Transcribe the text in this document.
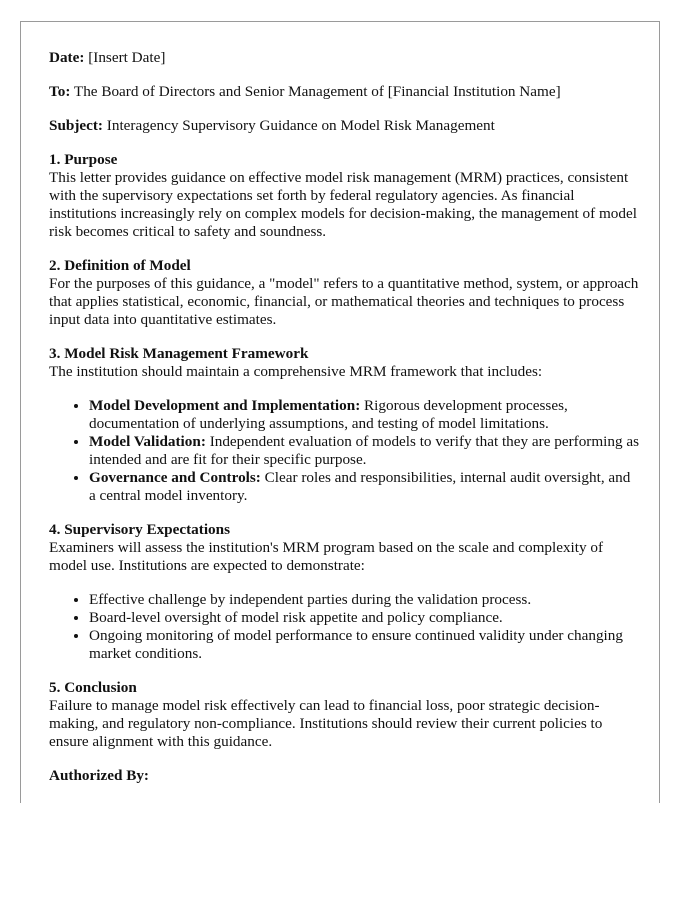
Date: [Insert Date]

To: The Board of Directors and Senior Management of [Financial Institution Name]

Subject: Interagency Supervisory Guidance on Model Risk Management

1. Purpose

This letter provides guidance on effective model risk management (MRM) practices, consistent with the supervisory expectations set forth by federal regulatory agencies. As financial institutions increasingly rely on complex models for decision-making, the management of model risk becomes critical to safety and soundness.

2. Definition of Model

For the purposes of this guidance, a "model" refers to a quantitative method, system, or approach that applies statistical, economic, financial, or mathematical theories and techniques to process input data into quantitative estimates.

3. Model Risk Management Framework

The institution should maintain a comprehensive MRM framework that includes:

• Model Development and Implementation: Rigorous development processes, documentation of underlying assumptions, and testing of model limitations.
• Model Validation: Independent evaluation of models to verify that they are performing as intended and are fit for their specific purpose.
• Governance and Controls: Clear roles and responsibilities, internal audit oversight, and a central model inventory.

4. Supervisory Expectations

Examiners will assess the institution's MRM program based on the scale and complexity of model use. Institutions are expected to demonstrate:

• Effective challenge by independent parties during the validation process.
• Board-level oversight of model risk appetite and policy compliance.
• Ongoing monitoring of model performance to ensure continued validity under changing market conditions.

5. Conclusion

Failure to manage model risk effectively can lead to financial loss, poor strategic decision-making, and regulatory non-compliance. Institutions should review their current policies to ensure alignment with this guidance.

Authorized By:
